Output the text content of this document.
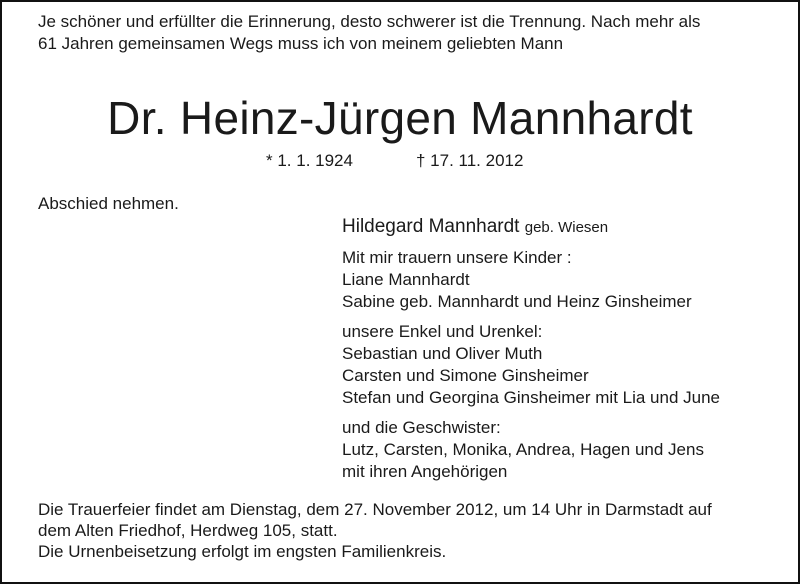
Je schöner und erfüllter die Erinnerung, desto schwerer ist die Trennung. Nach mehr als
61 Jahren gemeinsamen Wegs muss ich von meinem geliebten Mann
Dr. Heinz-Jürgen Mannhardt
* 1. 1. 1924	† 17. 11. 2012
Abschied nehmen.
Hildegard Mannhardt geb. Wiesen
Mit mir trauern unsere Kinder :
Liane Mannhardt
Sabine geb. Mannhardt und Heinz Ginsheimer
unsere Enkel und Urenkel:
Sebastian und Oliver Muth
Carsten und Simone Ginsheimer
Stefan und Georgina Ginsheimer mit Lia und June
und die Geschwister:
Lutz, Carsten, Monika, Andrea, Hagen und Jens
mit ihren Angehörigen
Die Trauerfeier findet am Dienstag, dem 27. November 2012, um 14 Uhr in Darmstadt auf
dem Alten Friedhof, Herdweg 105, statt.
Die Urnenbeisetzung erfolgt im engsten Familienkreis.
